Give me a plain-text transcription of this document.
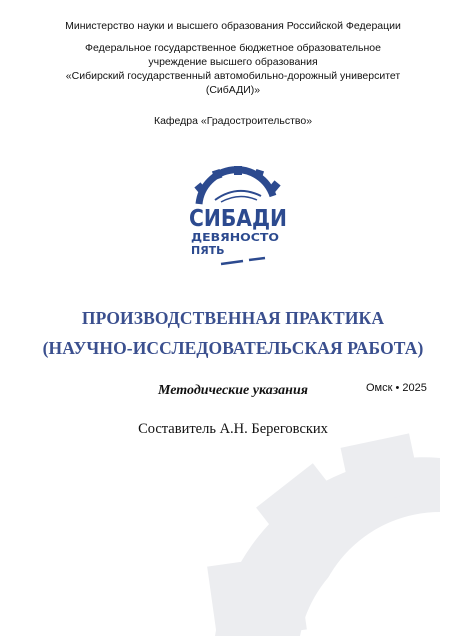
Министерство науки и высшего образования Российской Федерации
Федеральное государственное бюджетное образовательное
учреждение высшего образования
«Сибирский государственный автомобильно-дорожный университет
(СибАДИ)»
Кафедра «Градостроительство»
СИБАДИ
ДЕВЯНОСТО
ПЯТЬ
ПРОИЗВОДСТВЕННАЯ ПРАКТИКА
(НАУЧНО-ИССЛЕДОВАТЕЛЬСКАЯ РАБОТА)
Методические указания
Составитель А.Н. Береговских
Омск • 2025
